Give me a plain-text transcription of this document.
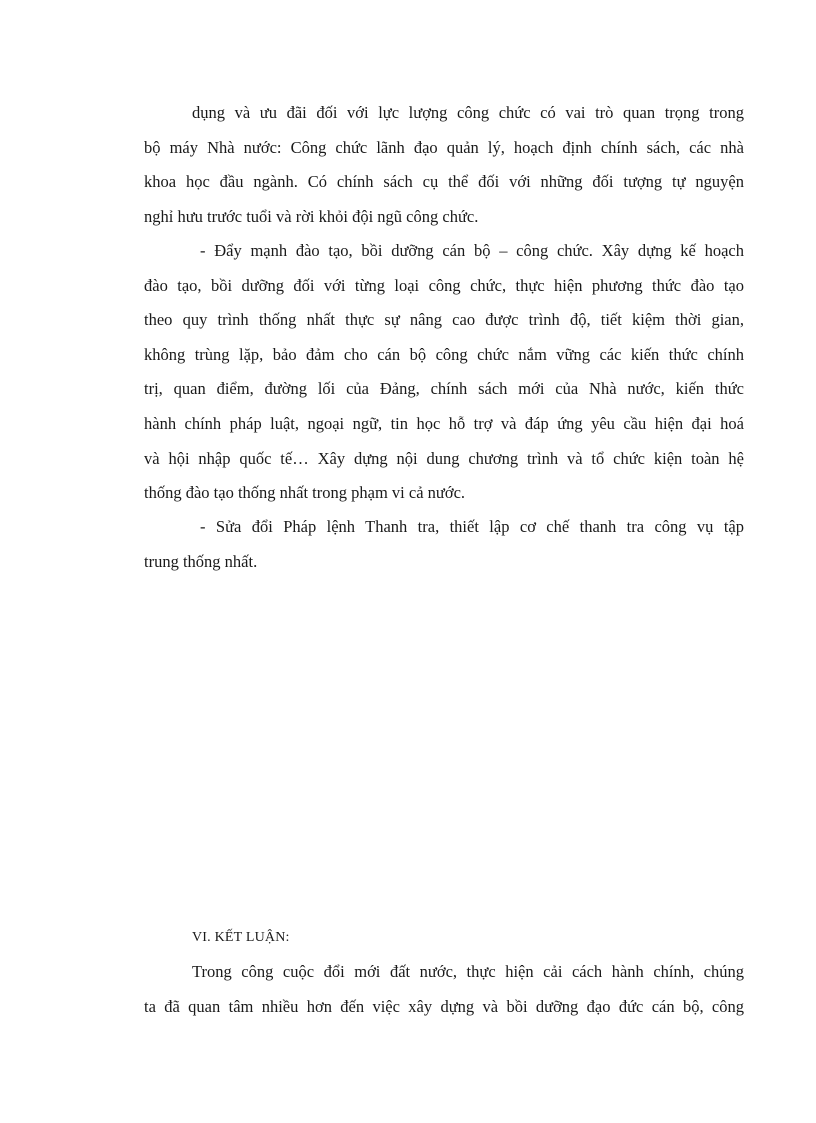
dụng và ưu đãi đối với lực lượng công chức có vai trò quan trọng trong
bộ máy Nhà nước: Công chức lãnh đạo quản lý, hoạch định chính sách, các nhà
khoa học đầu ngành. Có chính sách cụ thể đối với những đối tượng tự nguyện
nghỉ hưu trước tuổi và rời khỏi đội ngũ công chức.
- Đẩy mạnh đào tạo, bồi dưỡng cán bộ – công chức. Xây dựng kế hoạch
đào tạo, bồi dưỡng đối với từng loại công chức, thực hiện phương thức đào tạo
theo quy trình thống nhất thực sự nâng cao được trình độ, tiết kiệm thời gian,
không trùng lặp, bảo đảm cho cán bộ công chức nắm vững các kiến thức chính
trị, quan điểm, đường lối của Đảng, chính sách mới của Nhà nước, kiến thức
hành chính pháp luật, ngoại ngữ, tin học hỗ trợ và đáp ứng yêu cầu hiện đại hoá
và hội nhập quốc tế… Xây dựng nội dung chương trình và tổ chức kiện toàn hệ
thống đào tạo thống nhất trong phạm vi cả nước.
- Sửa đổi Pháp lệnh Thanh tra, thiết lập cơ chế thanh tra công vụ tập
trung thống nhất.
VI. KẾT LUẬN:
Trong công cuộc đổi mới đất nước, thực hiện cải cách hành chính, chúng
ta đã quan tâm nhiều hơn đến việc xây dựng và bồi dưỡng đạo đức cán bộ, công
